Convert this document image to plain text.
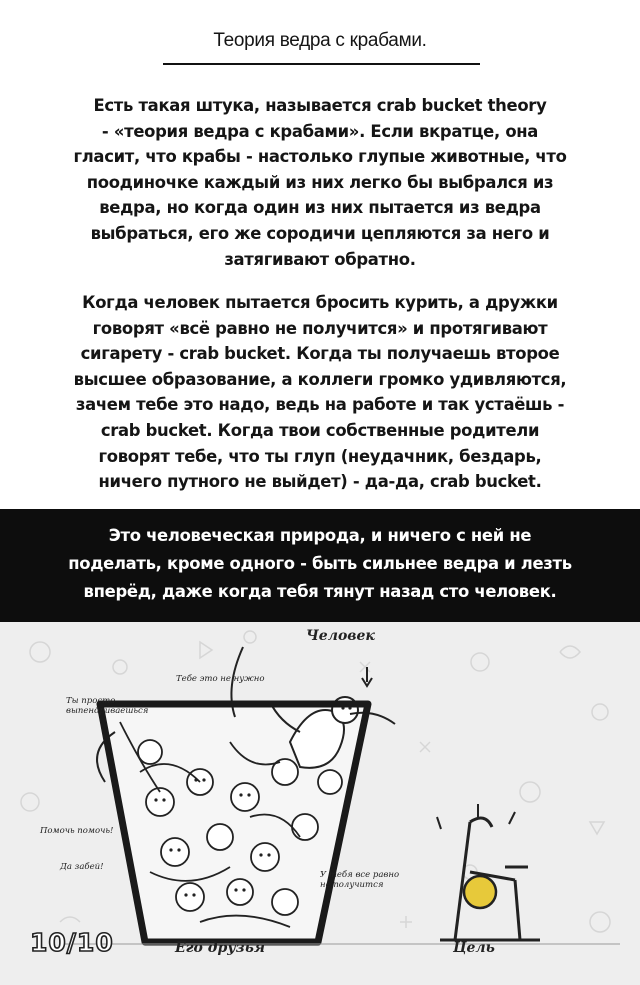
Теория ведра с крабами.
Есть такая штука, называется crab bucket theory
- «теория ведра с крабами». Если вкратце, она
гласит, что крабы - настолько глупые животные, что
поодиночке каждый из них легко бы выбрался из
ведра, но когда один из них пытается из ведра
выбраться, его же сородичи цепляются за него и
затягивают обратно.
Когда человек пытается бросить курить, а дружки
говорят «всё равно не получится» и протягивают
сигарету - crab bucket. Когда ты получаешь второе
высшее образование, а коллеги громко удивляются,
зачем тебе это надо, ведь на работе и так устаёшь -
crab bucket. Когда твои собственные родители
говорят тебе, что ты глуп (неудачник, бездарь,
ничего путного не выйдет) - да-да, crab bucket.
Это человеческая природа, и ничего с ней не
поделать, кроме одного - быть сильнее ведра и лезть
вперёд, даже когда тебя тянут назад сто человек.
Человек
Его друзья	Цель
Тебе это не нужно
Ты просто
выпендриваешься
Помочь помочь!
Да забей!
У тебя все равно
не получится
10/10
